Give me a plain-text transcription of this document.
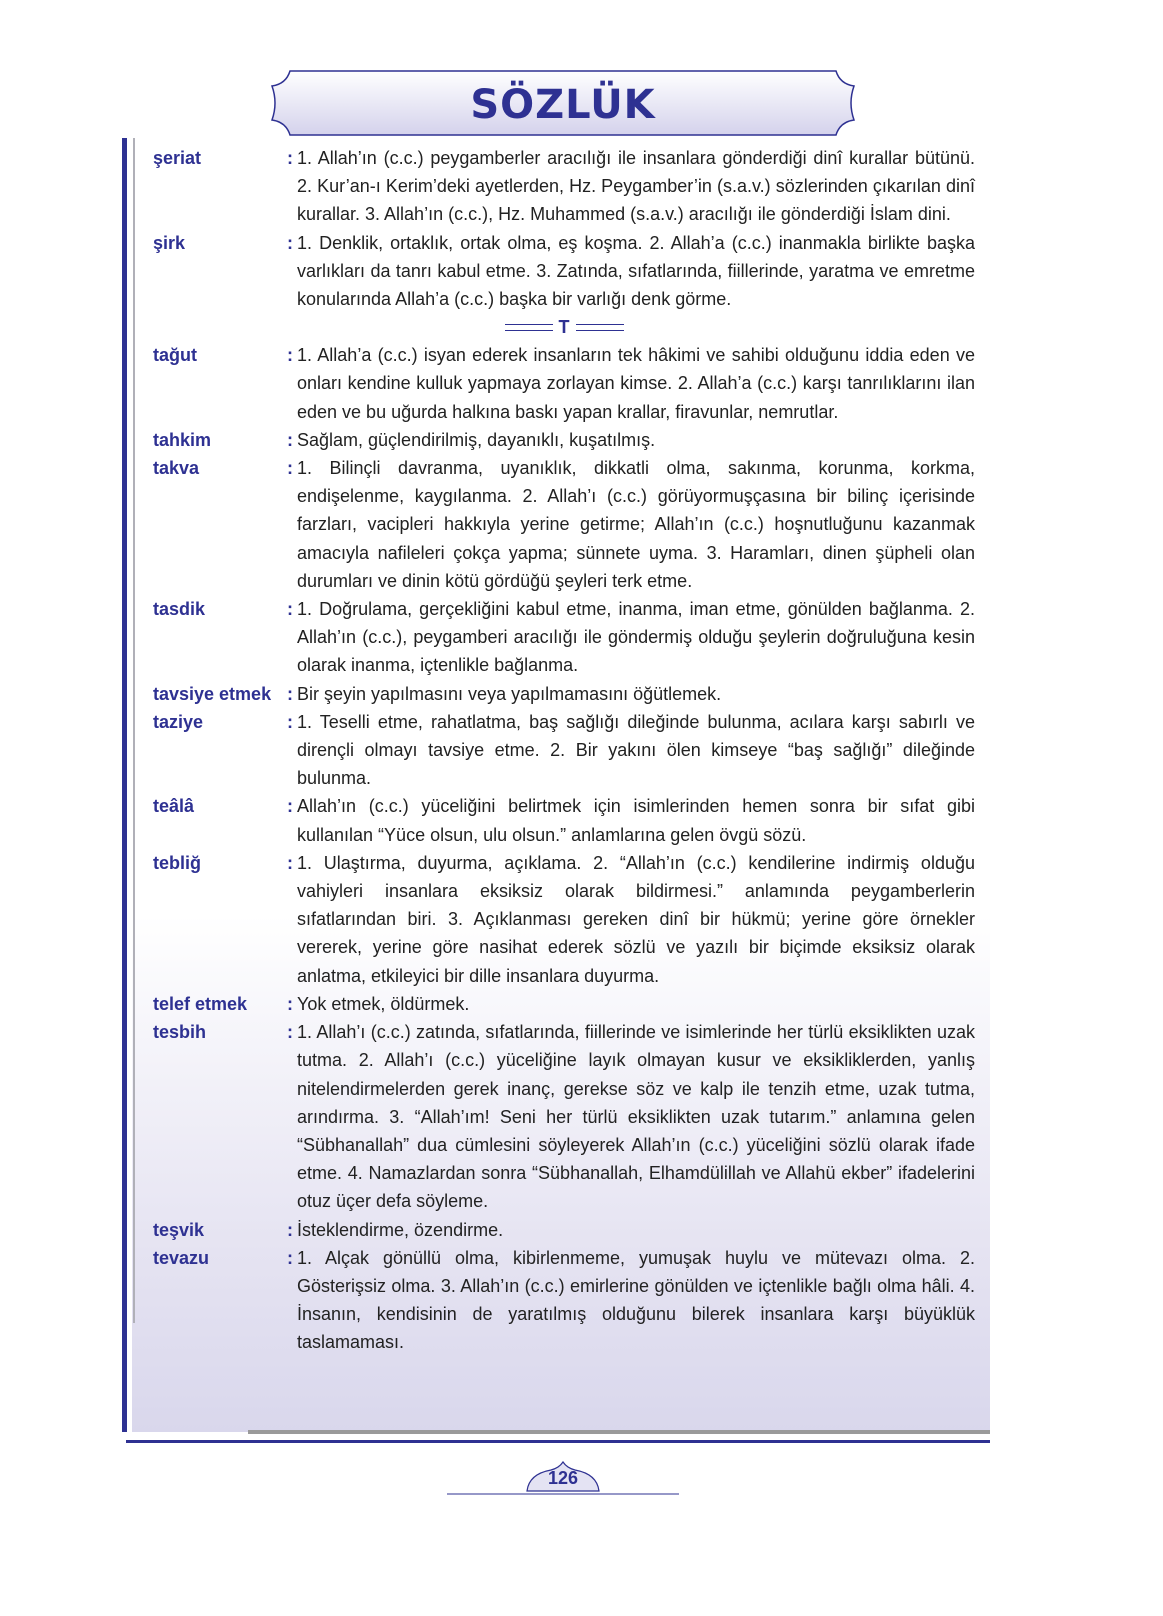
SÖZLÜK
şeriat	: 1. Allah’ın (c.c.) peygamberler aracılığı ile insanlara gönderdiği dinî kurallar bütünü. 2. Kur’an-ı Kerim’deki ayetlerden, Hz. Peygamber’in (s.a.v.) sözlerinden çıkarılan dinî kurallar. 3. Allah’ın (c.c.), Hz. Muhammed (s.a.v.) aracılığı ile gönderdiği İslam dini.
şirk	: 1. Denklik, ortaklık, ortak olma, eş koşma. 2. Allah’a (c.c.) inanmakla birlikte başka varlıkları da tanrı kabul etme. 3. Zatında, sıfatlarında, fiillerinde, yaratma ve emretme konularında Allah’a (c.c.) başka bir varlığı denk görme.
T
tağut	: 1. Allah’a (c.c.) isyan ederek insanların tek hâkimi ve sahibi olduğunu iddia eden ve onları kendine kulluk yapmaya zorlayan kimse. 2. Allah’a (c.c.) karşı tanrılıklarını ilan eden ve bu uğurda halkına baskı yapan krallar, firavunlar, nemrutlar.
tahkim	: Sağlam, güçlendirilmiş, dayanıklı, kuşatılmış.
takva	: 1. Bilinçli davranma, uyanıklık, dikkatli olma, sakınma, korunma, korkma, endişelenme, kaygılanma. 2. Allah’ı (c.c.) görüyormuşçasına bir bilinç içerisinde farzları, vacipleri hakkıyla yerine getirme; Allah’ın (c.c.) hoşnutluğunu kazanmak amacıyla nafileleri çokça yapma; sünnete uyma. 3. Haramları, dinen şüpheli olan durumları ve dinin kötü gördüğü şeyleri terk etme.
tasdik	: 1. Doğrulama, gerçekliğini kabul etme, inanma, iman etme, gönülden bağlanma. 2. Allah’ın (c.c.), peygamberi aracılığı ile göndermiş olduğu şeylerin doğruluğuna kesin olarak inanma, içtenlikle bağlanma.
tavsiye etmek : Bir şeyin yapılmasını veya yapılmamasını öğütlemek.
taziye	: 1. Teselli etme, rahatlatma, baş sağlığı dileğinde bulunma, acılara karşı sabırlı ve dirençli olmayı tavsiye etme. 2. Bir yakını ölen kimseye “baş sağlığı” dileğinde bulunma.
teâlâ	: Allah’ın (c.c.) yüceliğini belirtmek için isimlerinden hemen sonra bir sıfat gibi kullanılan “Yüce olsun, ulu olsun.” anlamlarına gelen övgü sözü.
tebliğ	: 1. Ulaştırma, duyurma, açıklama. 2. “Allah’ın (c.c.) kendilerine indirmiş olduğu vahiyleri insanlara eksiksiz olarak bildirmesi.” anlamında peygamberlerin sıfatlarından biri. 3. Açıklanması gereken dinî bir hükmü; yerine göre örnekler vererek, yerine göre nasihat ederek sözlü ve yazılı bir biçimde eksiksiz olarak anlatma, etkileyici bir dille insanlara duyurma.
telef etmek	: Yok etmek, öldürmek.
tesbih	: 1. Allah’ı (c.c.) zatında, sıfatlarında, fiillerinde ve isimlerinde her türlü eksiklikten uzak tutma. 2. Allah’ı (c.c.) yüceliğine layık olmayan kusur ve eksikliklerden, yanlış nitelendirmelerden gerek inanç, gerekse söz ve kalp ile tenzih etme, uzak tutma, arındırma. 3. “Allah’ım! Seni her türlü eksiklikten uzak tutarım.” anlamına gelen “Sübhanallah” dua cümlesini söyleyerek Allah’ın (c.c.) yüceliğini sözlü olarak ifade etme. 4. Namazlardan sonra “Sübhanallah, Elhamdülillah ve Allahü ekber” ifadelerini otuz üçer defa söyleme.
teşvik	: İsteklendirme, özendirme.
tevazu	: 1. Alçak gönüllü olma, kibirlenmeme, yumuşak huylu ve mütevazı olma. 2. Gösterişsiz olma. 3. Allah’ın (c.c.) emirlerine gönülden ve içtenlikle bağlı olma hâli. 4. İnsanın, kendisinin de yaratılmış olduğunu bilerek insanlara karşı büyüklük taslamaması.
126
